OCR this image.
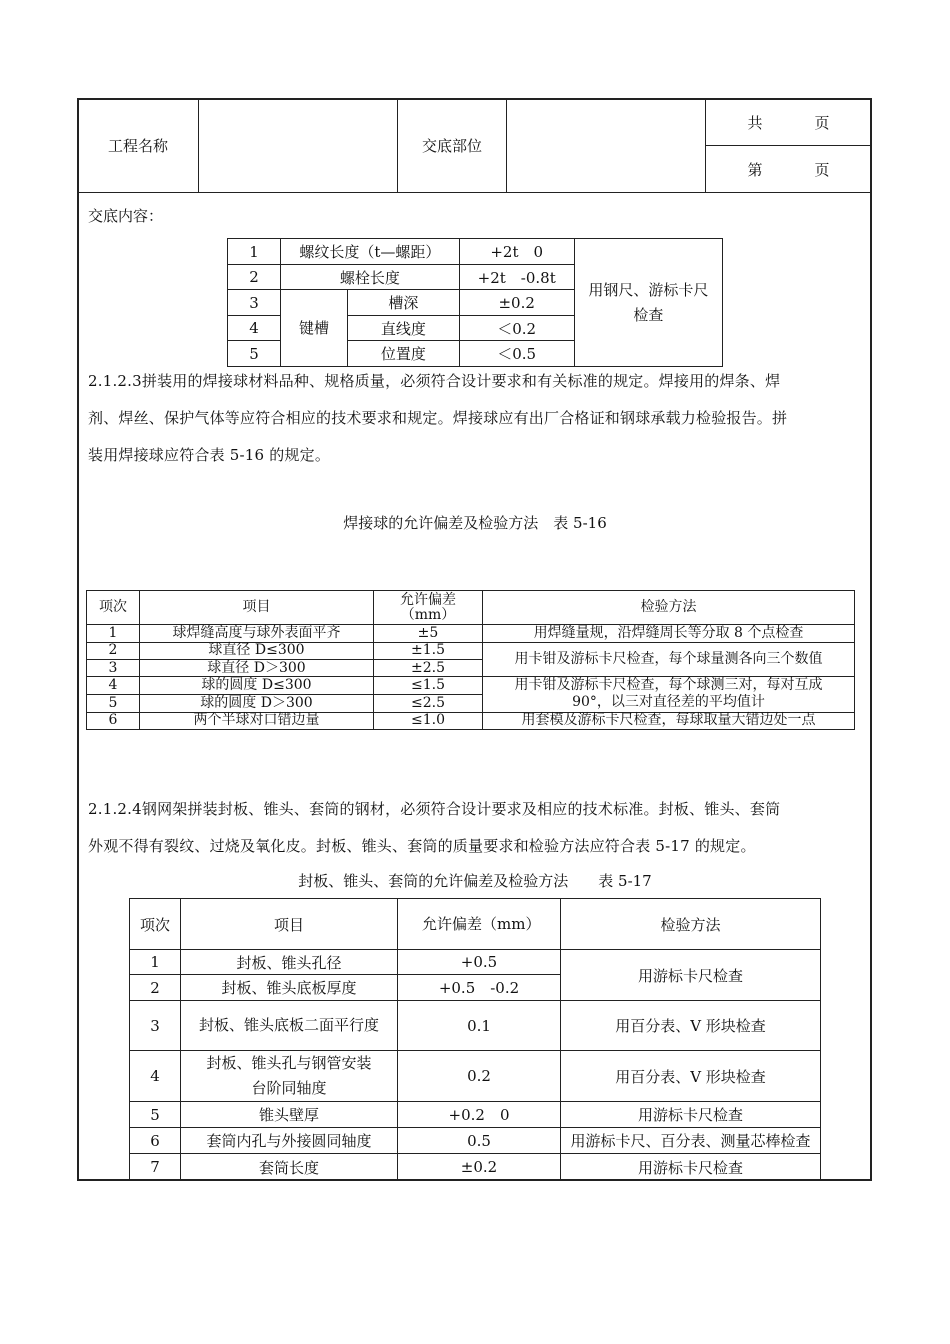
工程名称		交底部位		共	页
第	页
交底内容：
1	螺纹长度（t—螺距）		+2t　0	用钢尺、游标卡尺检查
2	螺栓长度		+2t　-0.8t	
3	键槽	槽深	±0.2	
4		直线度	＜0.2	
5		位置度	＜0.5	
2.1.2.3拼装用的焊接球材料品种、规格质量，必须符合设计要求和有关标准的规定。焊接用的焊条、焊
剂、焊丝、保护气体等应符合相应的技术要求和规定。焊接球应有出厂合格证和钢球承载力检验报告。拼
装用焊接球应符合表 5-16 的规定。
焊接球的允许偏差及检验方法　表 5-16
项次	项目	允许偏差（mm）	检验方法
1	球焊缝高度与球外表面平齐	±5	用焊缝量规，沿焊缝周长等分取 8 个点检查
2	球直径 D≤300	±1.5	用卡钳及游标卡尺检查，每个球量测各向三个数值
3	球直径 D＞300	±2.5	
4	球的圆度 D≤300	≤1.5	用卡钳及游标卡尺检查，每个球测三对，每对互成 90°，以三对直径差的平均值计
5	球的圆度 D＞300	≤2.5	
6	两个半球对口错边量	≤1.0	用套模及游标卡尺检查，每球取量大错边处一点
2.1.2.4钢网架拼装封板、锥头、套筒的钢材，必须符合设计要求及相应的技术标准。封板、锥头、套筒
外观不得有裂纹、过烧及氧化皮。封板、锥头、套筒的质量要求和检验方法应符合表 5-17 的规定。
封板、锥头、套筒的允许偏差及检验方法　　表 5-17
项次	项目	允许偏差（mm）	检验方法
1	封板、锥头孔径	+0.5	用游标卡尺检查
2	封板、锥头底板厚度	+0.5　-0.2	
3	封板、锥头底板二面平行度	0.1	用百分表、V 形块检查
4	封板、锥头孔与钢管安装台阶同轴度	0.2	用百分表、V 形块检查
5	锥头壁厚	+0.2　0	用游标卡尺检查
6	套筒内孔与外接圆同轴度	0.5	用游标卡尺、百分表、测量芯棒检查
7	套筒长度	±0.2	用游标卡尺检查
